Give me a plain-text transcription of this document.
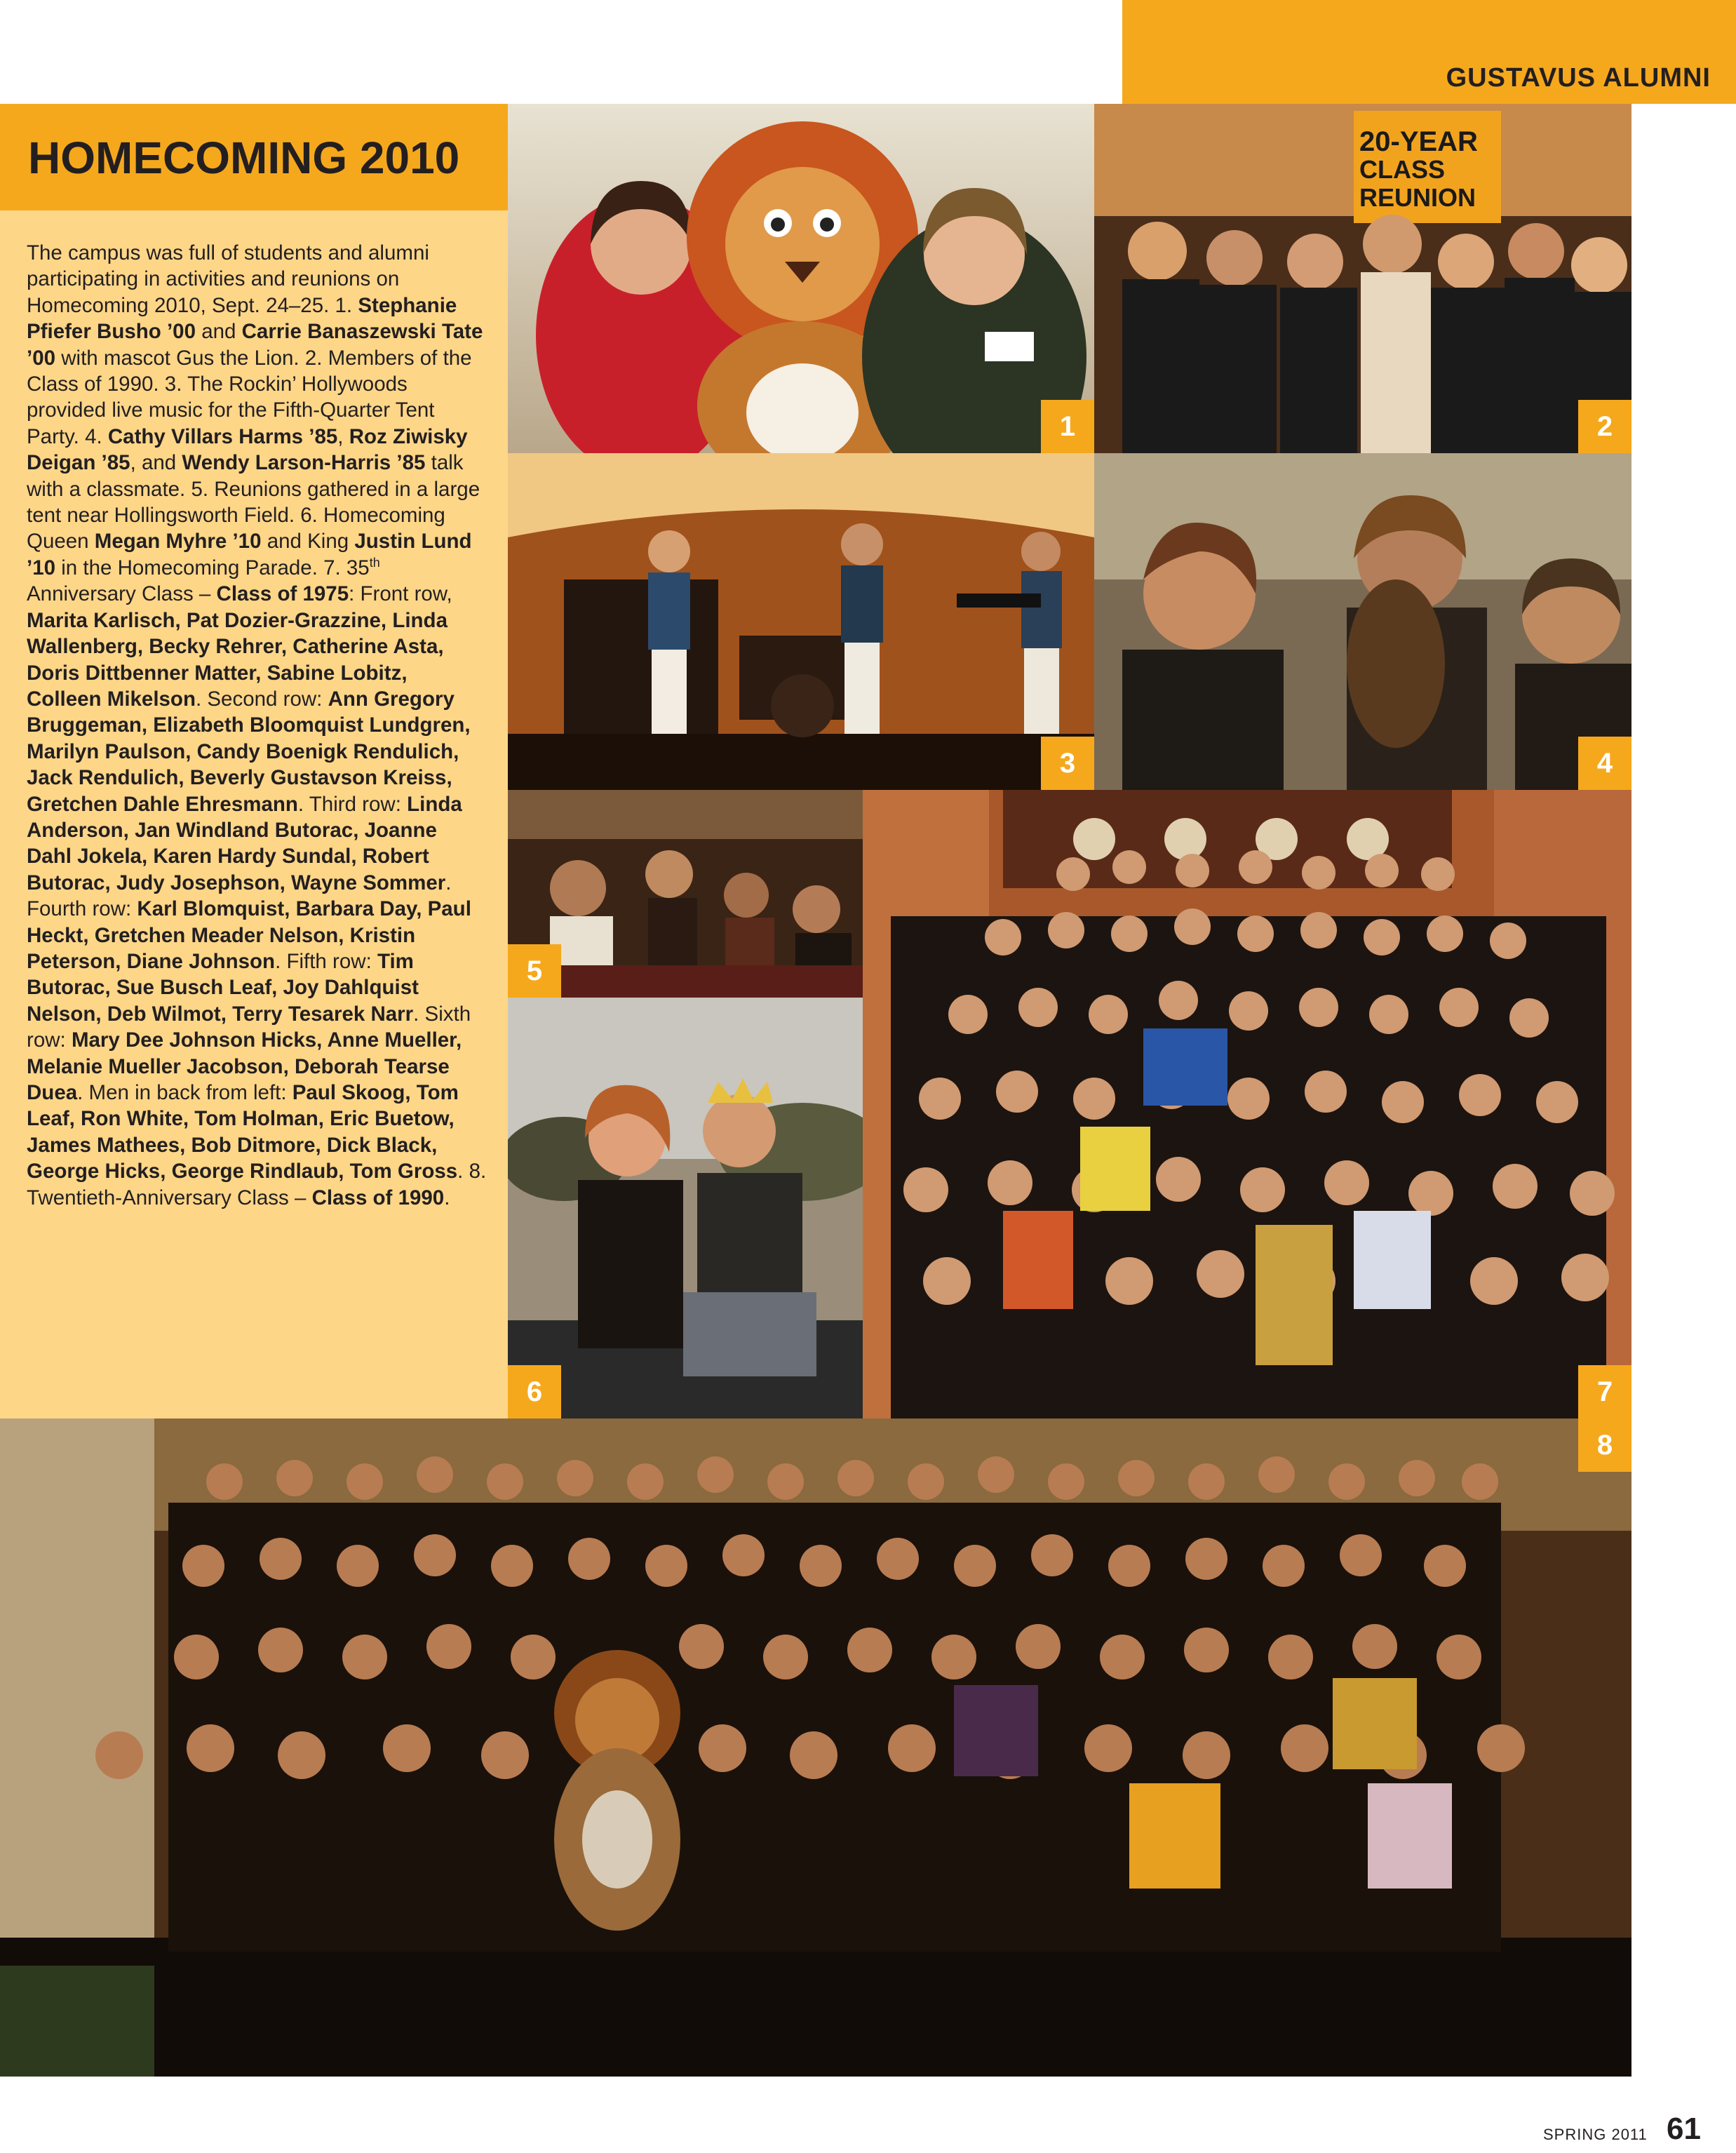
GUSTAVUS ALUMNI
HOMECOMING 2010
The campus was full of students and alumni participating in activities and reunions on Homecoming 2010, Sept. 24–25. 1. Stephanie Pfiefer Busho ’00 and Carrie Banaszewski Tate ’00 with mascot Gus the Lion. 2. Members of the Class of 1990. 3. The Rockin’ Hollywoods provided live music for the Fifth-Quarter Tent Party. 4. Cathy Villars Harms ’85, Roz Ziwisky Deigan ’85, and Wendy Larson-Harris ’85 talk with a classmate. 5. Reunions gathered in a large tent near Hollingsworth Field. 6. Homecoming Queen Megan Myhre ’10 and King Justin Lund ’10 in the Homecoming Parade. 7. 35th Anniversary Class – Class of 1975: Front row, Marita Karlisch, Pat Dozier-Grazzine, Linda Wallenberg, Becky Rehrer, Catherine Asta, Doris Dittbenner Matter, Sabine Lobitz, Colleen Mikelson. Second row: Ann Gregory Bruggeman, Elizabeth Bloomquist Lundgren, Marilyn Paulson, Candy Boenigk Rendulich, Jack Rendulich, Beverly Gustavson Kreiss, Gretchen Dahle Ehresmann. Third row: Linda Anderson, Jan Windland Butorac, Joanne Dahl Jokela, Karen Hardy Sundal, Robert Butorac, Judy Josephson, Wayne Sommer. Fourth row: Karl Blomquist, Barbara Day, Paul Heckt, Gretchen Meader Nelson, Kristin Peterson, Diane Johnson. Fifth row: Tim Butorac, Sue Busch Leaf, Joy Dahlquist Nelson, Deb Wilmot, Terry Tesarek Narr. Sixth row: Mary Dee Johnson Hicks, Anne Mueller, Melanie Mueller Jacobson, Deborah Tearse Duea. Men in back from left: Paul Skoog, Tom Leaf, Ron White, Tom Holman, Eric Buetow, James Mathees, Bob Ditmore, Dick Black, George Hicks, George Rindlaub, Tom Gross. 8. Twentieth-Anniversary Class – Class of 1990.
1
20-YEAR
CLASS
REUNION
2
3	4
5
6	7
8
SPRING 2011 61
